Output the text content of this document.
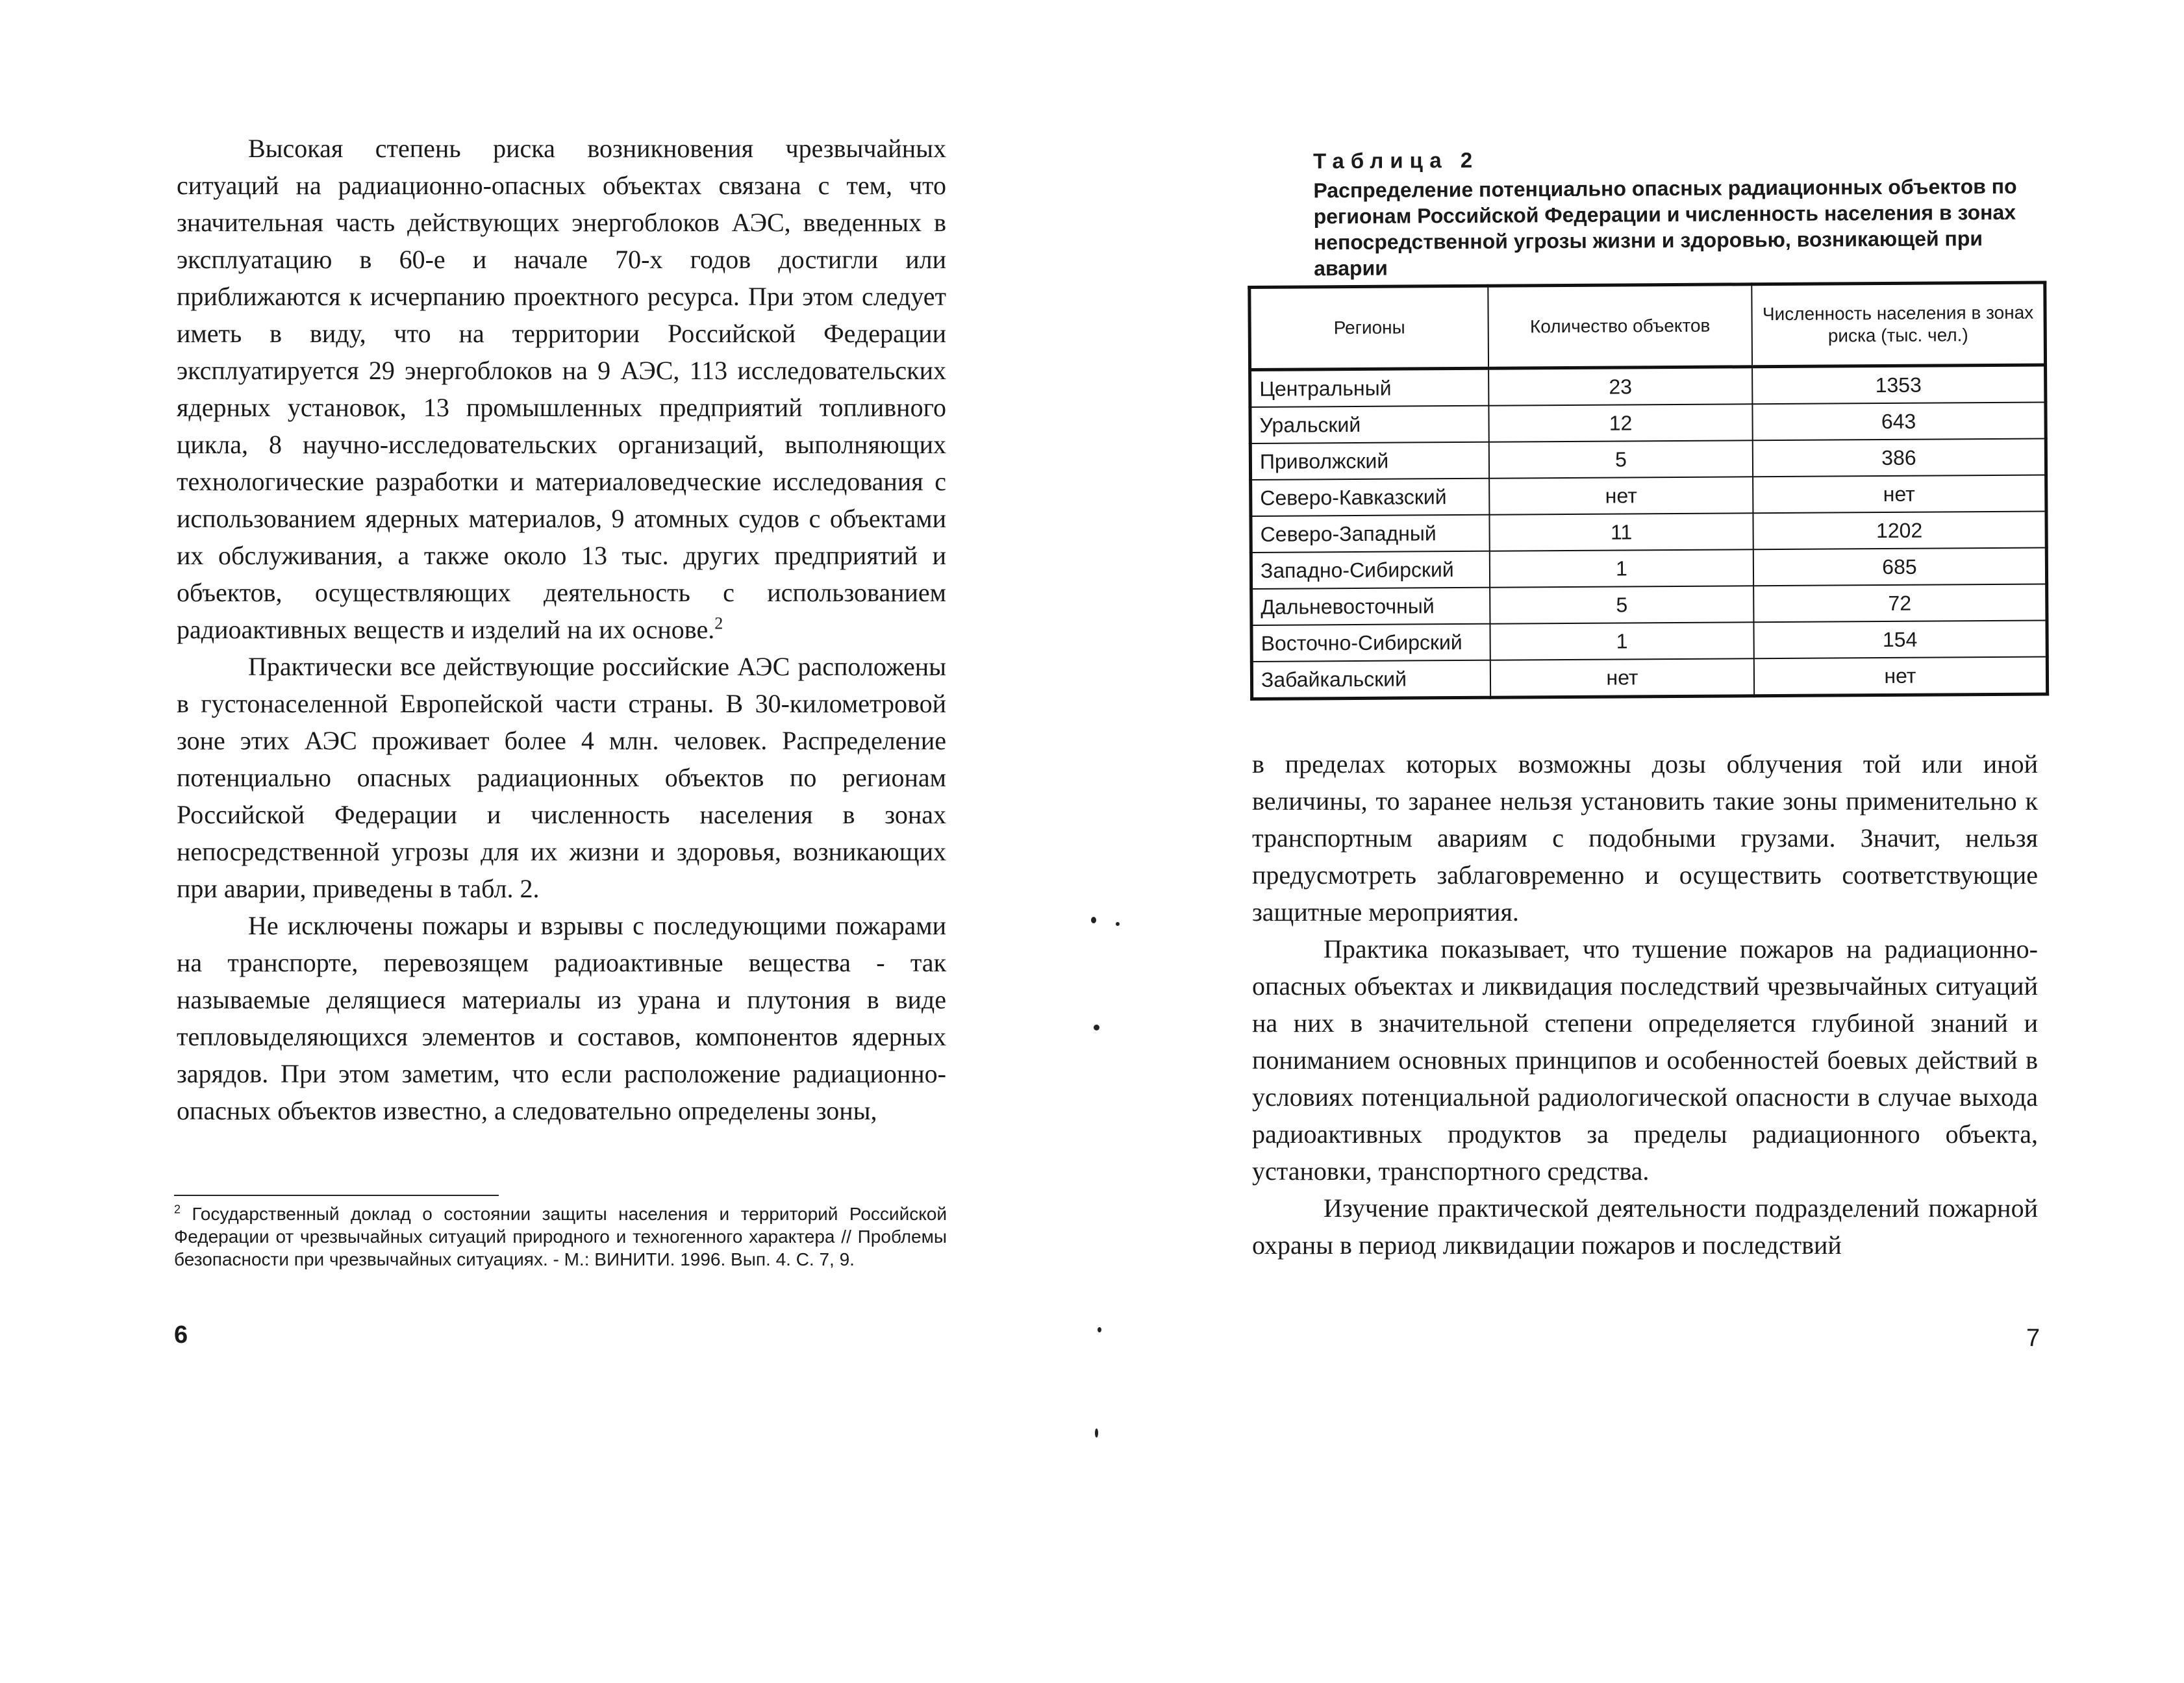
Высокая степень риска возникновения чрезвычайных ситуаций на радиационно-опасных объектах связана с тем, что значительная часть действующих энергоблоков АЭС, введенных в эксплуатацию в 60-е и начале 70-х годов достигли или приближаются к исчерпанию проектного ресурса. При этом следует иметь в виду, что на территории Российской Федерации эксплуатируется 29 энергоблоков на 9 АЭС, 113 исследовательских ядерных установок, 13 промышленных предприятий топливного цикла, 8 научно-исследовательских организаций, выполняющих технологические разработки и материаловедческие исследования с использованием ядерных материалов, 9 атомных судов с объектами их обслуживания, а также около 13 тыс. других предприятий и объектов, осуществляющих деятельность с использованием радиоактивных веществ и изделий на их основе.$^2$

Практически все действующие российские АЭС расположены в густонаселенной Европейской части страны. В 30-километровой зоне этих АЭС проживает более 4 млн. человек. Распределение потенциально опасных радиационных объектов по регионам Российской Федерации и численность населения в зонах непосредственной угрозы для их жизни и здоровья, возникающих при аварии, приведены в табл. 2.

Не исключены пожары и взрывы с последующими пожарами на транспорте, перевозящем радиоактивные вещества - так называемые делящиеся материалы из урана и плутония в виде тепловыделяющихся элементов и составов, компонентов ядерных зарядов. При этом заметим, что если расположение радиационно-опасных объектов известно, а следовательно определены зоны,

$^2$ Государственный доклад о состоянии защиты населения и территорий Российской Федерации от чрезвычайных ситуаций природного и техногенного характера // Проблемы безопасности при чрезвычайных ситуациях. - М.: ВИНИТИ. 1996. Вып. 4. С. 7, 9.

6

Таблица 2

Распределение потенциально опасных радиационных объектов по регионам Российской Федерации и численность населения в зонах непосредственной угрозы жизни и здоровью, возникающей при аварии

Регионы	Количество объектов	Численность населения в зонах риска (тыс. чел.)
Центральный	23	1353
Уральский	12	643
Приволжский	5	386
Северо-Кавказский	нет	нет
Северо-Западный	11	1202
Западно-Сибирский	1	685
Дальневосточный	5	72
Восточно-Сибирский	1	154
Забайкальский	нет	нет

в пределах которых возможны дозы облучения той или иной величины, то заранее нельзя установить такие зоны применительно к транспортным авариям с подобными грузами. Значит, нельзя предусмотреть заблаговременно и осуществить соответствующие защитные мероприятия.

Практика показывает, что тушение пожаров на радиационно-опасных объектах и ликвидация последствий чрезвычайных ситуаций на них в значительной степени определяется глубиной знаний и пониманием основных принципов и особенностей боевых действий в условиях потенциальной радиологической опасности в случае выхода радиоактивных продуктов за пределы радиационного объекта, установки, транспортного средства.

Изучение практической деятельности подразделений пожарной охраны в период ликвидации пожаров и последствий

7
